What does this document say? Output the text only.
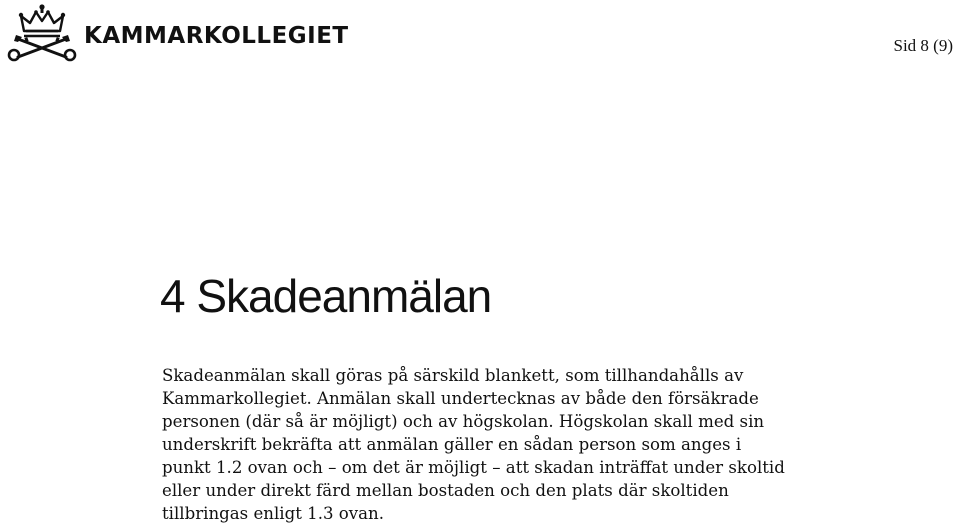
KAMMARKOLLEGIET	Sid 8 (9)
4 Skadeanmälan
Skadeanmälan skall göras på särskild blankett, som tillhandahålls av
Kammarkollegiet. Anmälan skall undertecknas av både den försäkrade
personen (där så är möjligt) och av högskolan. Högskolan skall med sin
underskrift bekräfta att anmälan gäller en sådan person som anges i
punkt 1.2 ovan och – om det är möjligt – att skadan inträffat under skoltid
eller under direkt färd mellan bostaden och den plats där skoltiden
tillbringas enligt 1.3 ovan.
